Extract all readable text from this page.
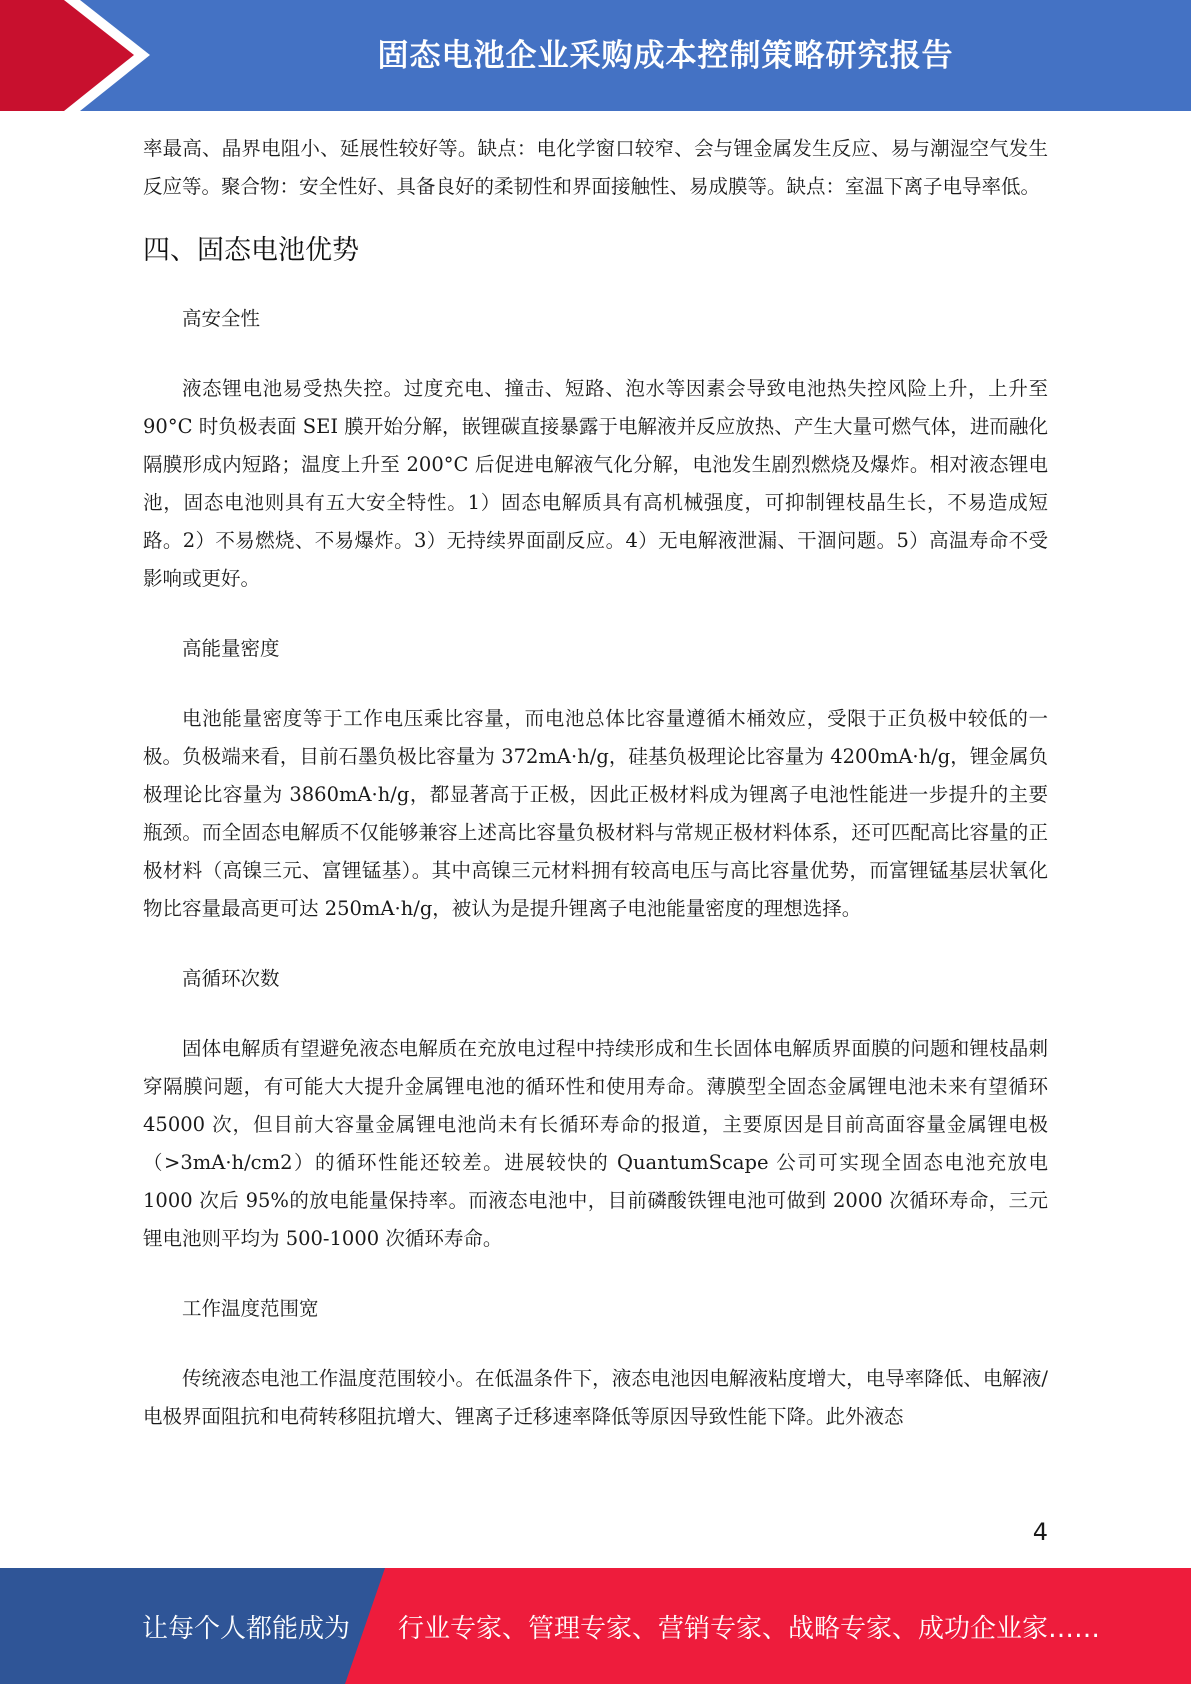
固态电池企业采购成本控制策略研究报告

率最高、晶界电阻小、延展性较好等。缺点：电化学窗口较窄、会与锂金属发生反应、易与潮湿空气发生反应等。聚合物：安全性好、具备良好的柔韧性和界面接触性、易成膜等。缺点：室温下离子电导率低。

四、固态电池优势

高安全性

液态锂电池易受热失控。过度充电、撞击、短路、泡水等因素会导致电池热失控风险上升，上升至 90°C 时负极表面 SEI 膜开始分解，嵌锂碳直接暴露于电解液并反应放热、产生大量可燃气体，进而融化隔膜形成内短路；温度上升至 200°C 后促进电解液气化分解，电池发生剧烈燃烧及爆炸。相对液态锂电池，固态电池则具有五大安全特性。1）固态电解质具有高机械强度，可抑制锂枝晶生长，不易造成短路。2）不易燃烧、不易爆炸。3）无持续界面副反应。4）无电解液泄漏、干涸问题。5）高温寿命不受影响或更好。

高能量密度

电池能量密度等于工作电压乘比容量，而电池总体比容量遵循木桶效应，受限于正负极中较低的一极。负极端来看，目前石墨负极比容量为 372mA·h/g，硅基负极理论比容量为 4200mA·h/g，锂金属负极理论比容量为 3860mA·h/g，都显著高于正极，因此正极材料成为锂离子电池性能进一步提升的主要瓶颈。而全固态电解质不仅能够兼容上述高比容量负极材料与常规正极材料体系，还可匹配高比容量的正极材料（高镍三元、富锂锰基）。其中高镍三元材料拥有较高电压与高比容量优势，而富锂锰基层状氧化物比容量最高更可达 250mA·h/g，被认为是提升锂离子电池能量密度的理想选择。

高循环次数

固体电解质有望避免液态电解质在充放电过程中持续形成和生长固体电解质界面膜的问题和锂枝晶刺穿隔膜问题，有可能大大提升金属锂电池的循环性和使用寿命。薄膜型全固态金属锂电池未来有望循环 45000 次，但目前大容量金属锂电池尚未有长循环寿命的报道，主要原因是目前高面容量金属锂电极（>3mA·h/cm2）的循环性能还较差。进展较快的 QuantumScape 公司可实现全固态电池充放电 1000 次后 95%的放电能量保持率。而液态电池中，目前磷酸铁锂电池可做到 2000 次循环寿命，三元锂电池则平均为 500-1000 次循环寿命。

工作温度范围宽

传统液态电池工作温度范围较小。在低温条件下，液态电池因电解液粘度增大，电导率降低、电解液/电极界面阻抗和电荷转移阻抗增大、锂离子迁移速率降低等原因导致性能下降。此外液态

4
让每个人都能成为 行业专家、管理专家、营销专家、战略专家、成功企业家……
